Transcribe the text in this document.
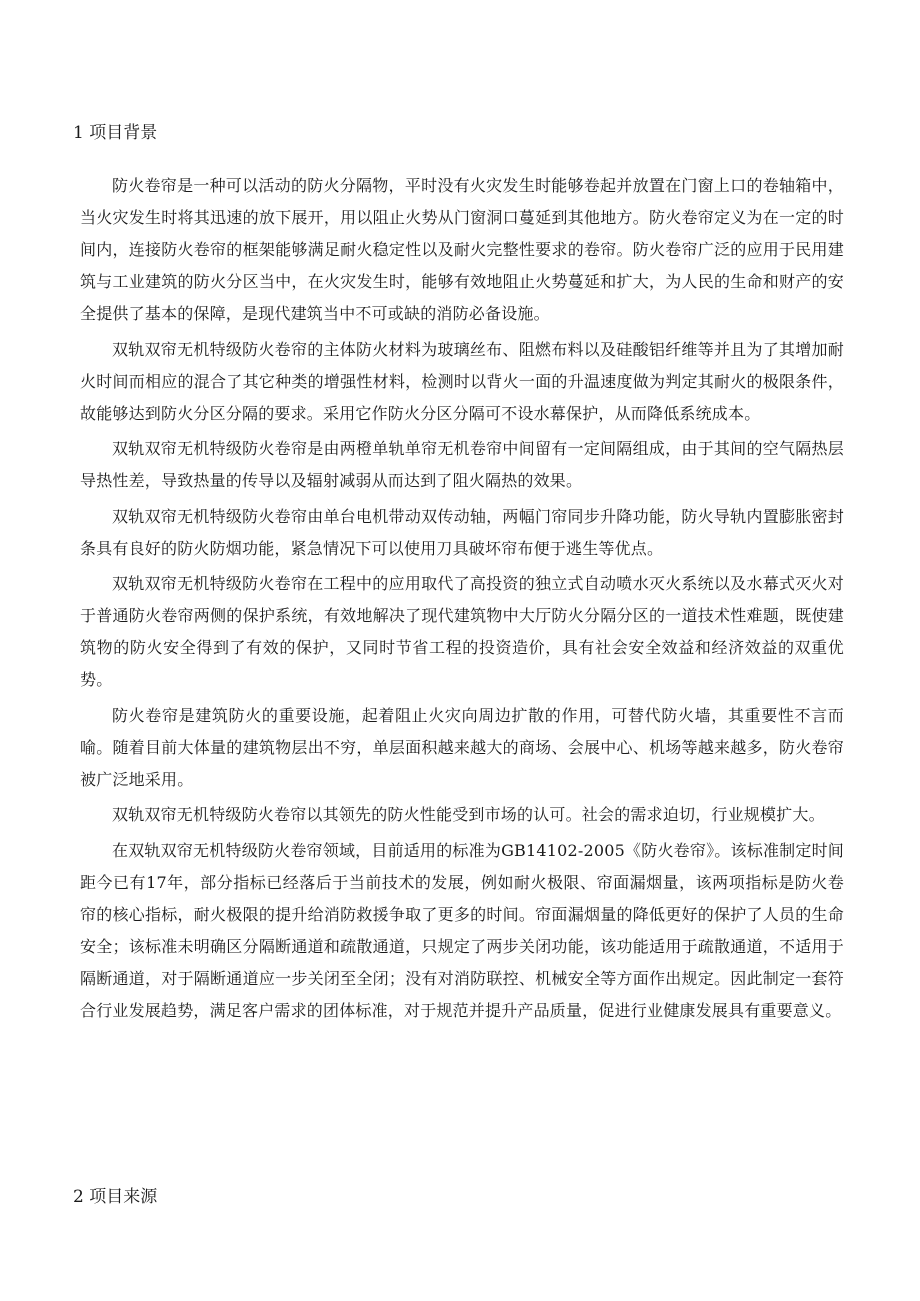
1 项目背景

防火卷帘是一种可以活动的防火分隔物，平时没有火灾发生时能够卷起并放置在门窗上口的卷轴箱中，当火灾发生时将其迅速的放下展开，用以阻止火势从门窗洞口蔓延到其他地方。防火卷帘定义为在一定的时间内，连接防火卷帘的框架能够满足耐火稳定性以及耐火完整性要求的卷帘。防火卷帘广泛的应用于民用建筑与工业建筑的防火分区当中，在火灾发生时，能够有效地阻止火势蔓延和扩大，为人民的生命和财产的安全提供了基本的保障，是现代建筑当中不可或缺的消防必备设施。

双轨双帘无机特级防火卷帘的主体防火材料为玻璃丝布、阻燃布料以及硅酸铝纤维等并且为了其增加耐火时间而相应的混合了其它种类的增强性材料，检测时以背火一面的升温速度做为判定其耐火的极限条件，故能够达到防火分区分隔的要求。采用它作防火分区分隔可不设水幕保护，从而降低系统成本。

双轨双帘无机特级防火卷帘是由两橙单轨单帘无机卷帘中间留有一定间隔组成，由于其间的空气隔热层导热性差，导致热量的传导以及辐射减弱从而达到了阻火隔热的效果。

双轨双帘无机特级防火卷帘由单台电机带动双传动轴，两幅门帘同步升降功能，防火导轨内置膨胀密封条具有良好的防火防烟功能，紧急情况下可以使用刀具破坏帘布便于逃生等优点。

双轨双帘无机特级防火卷帘在工程中的应用取代了高投资的独立式自动喷水灭火系统以及水幕式灭火对于普通防火卷帘两侧的保护系统，有效地解决了现代建筑物中大厅防火分隔分区的一道技术性难题，既使建筑物的防火安全得到了有效的保护，又同时节省工程的投资造价，具有社会安全效益和经济效益的双重优势。

防火卷帘是建筑防火的重要设施，起着阻止火灾向周边扩散的作用，可替代防火墙，其重要性不言而喻。随着目前大体量的建筑物层出不穷，单层面积越来越大的商场、会展中心、机场等越来越多，防火卷帘被广泛地采用。

双轨双帘无机特级防火卷帘以其领先的防火性能受到市场的认可。社会的需求迫切，行业规模扩大。

在双轨双帘无机特级防火卷帘领域，目前适用的标准为GB14102-2005《防火卷帘》。该标准制定时间距今已有17年，部分指标已经落后于当前技术的发展，例如耐火极限、帘面漏烟量，该两项指标是防火卷帘的核心指标，耐火极限的提升给消防救援争取了更多的时间。帘面漏烟量的降低更好的保护了人员的生命安全；该标准未明确区分隔断通道和疏散通道，只规定了两步关闭功能，该功能适用于疏散通道，不适用于隔断通道，对于隔断通道应一步关闭至全闭；没有对消防联控、机械安全等方面作出规定。因此制定一套符合行业发展趋势，满足客户需求的团体标准，对于规范并提升产品质量，促进行业健康发展具有重要意义。

2 项目来源
